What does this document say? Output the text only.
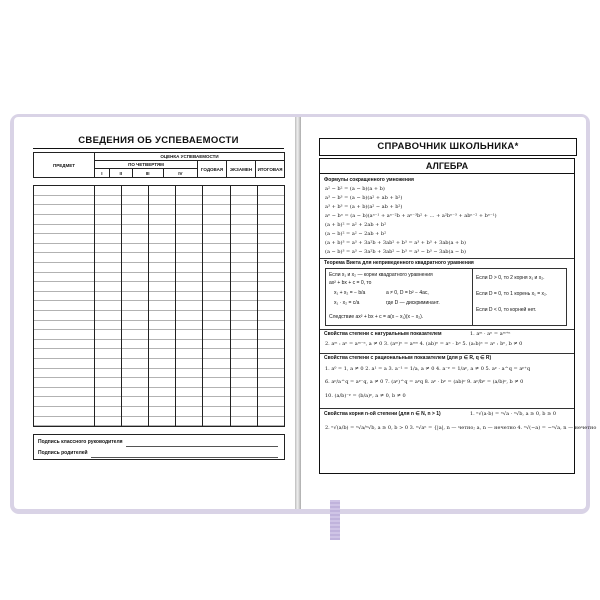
СВЕДЕНИЯ ОБ УСПЕВАЕМОСТИ
ПРЕДМЕТ	ОЦЕНКА УСПЕВАЕМОСТИ						
	ПО ЧЕТВЕРТЯМ				ГОДОВАЯ	ЭКЗАМЕН	ИТОГОВАЯ
	I	II	III	IV			
Подпись классного руководителя
Подпись родителей
СПРАВОЧНИК ШКОЛЬНИКА*
АЛГЕБРА
Формулы сокращенного умножения
a² − b² = (a − b)(a + b)
a³ − b³ = (a − b)(a² + ab + b²)
a³ + b³ = (a + b)(a² − ab + b²)
aⁿ − bⁿ = (a − b)(aⁿ⁻¹ + aⁿ⁻²b + aⁿ⁻³b² + … + a²bⁿ⁻³ + abⁿ⁻² + bⁿ⁻¹)
(a + b)² = a² + 2ab + b²
(a − b)² = a² − 2ab + b²
(a + b)³ = a³ + 3a²b + 3ab² + b³ = a³ + b³ + 3ab(a + b)
(a − b)³ = a³ − 3a²b + 3ab² − b³ = a³ − b³ − 3ab(a − b)
Теорема Виета для неприведенного квадратного уравнения
Если x₁ и x₂ — корни квадратного уравнения
ax² + bx + c = 0, то
x₁ + x₂ = − b/a	a ≠ 0, D = b² − 4ac,
x₁ · x₂ = c/a	где D — дискриминант.
Следствие ax² + bx + c = a(x − x₁)(x − x₂).
Если D > 0, то 2 корня x₁ и x₂.
Если D = 0, то 1 корень x₁ = x₂.
Если D < 0, то корней нет.
Свойства степени с натуральным показателем	1. aᵐ · aⁿ = aᵐ⁺ⁿ
2. aᵐ : aⁿ = aᵐ⁻ⁿ, a ≠ 0 3. (aᵐ)ⁿ = aᵐⁿ 4. (ab)ⁿ = aⁿ · bⁿ 5. (a:b)ⁿ = aⁿ : bⁿ, b ≠ 0
Свойства степени с рациональным показателем (для p ∈ R, q ∈ R)
1. a⁰ = 1, a ≠ 0 2. a¹ = a 3. a⁻¹ = 1/a, a ≠ 0 4. a⁻ᵖ = 1/aᵖ, a ≠ 0 5. aᵖ · a^q = aᵖ⁺q
6. aᵖ/a^q = aᵖ⁻q, a ≠ 0 7. (aᵖ)^q = aᵖq 8. aᵖ · bᵖ = (ab)ᵖ 9. aᵖ/bᵖ = (a/b)ᵖ, b ≠ 0
10. (a/b)⁻ᵖ = (b/a)ᵖ, a ≠ 0, b ≠ 0
Свойства корня n-ой степени (для n ∈ N, n > 1)	1. ⁿ√(a·b) = ⁿ√a · ⁿ√b, a ≥ 0, b ≥ 0
2. ⁿ√(a/b) = ⁿ√a/ⁿ√b, a ≥ 0, b > 0 3. ⁿ√aⁿ = {|a|, n — четно; a, n — нечетно 4. ⁿ√(−a) = −ⁿ√a, n — нечетно
